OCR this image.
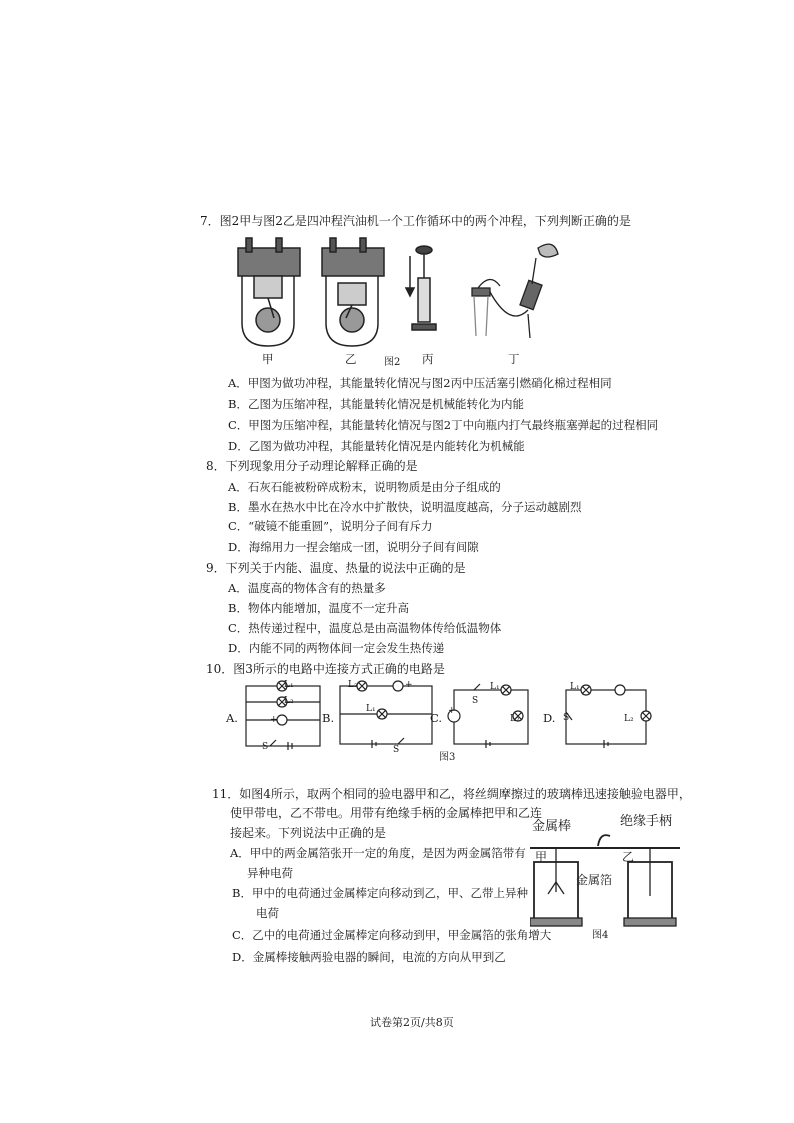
7．图2甲与图2乙是四冲程汽油机一个工作循环中的两个冲程，下列判断正确的是
甲	乙	图2 丙	丁
A．甲图为做功冲程，其能量转化情况与图2丙中压活塞引燃硝化棉过程相同
B．乙图为压缩冲程，其能量转化情况是机械能转化为内能
C．甲图为压缩冲程，其能量转化情况与图2丁中向瓶内打气最终瓶塞弹起的过程相同
D．乙图为做功冲程，其能量转化情况是内能转化为机械能
8．下列现象用分子动理论解释正确的是
A．石灰石能被粉碎成粉末，说明物质是由分子组成的
B．墨水在热水中比在冷水中扩散快，说明温度越高，分子运动越剧烈
C．“破镜不能重圆”，说明分子间有斥力
D．海绵用力一捏会缩成一团，说明分子间有间隙
9．下列关于内能、温度、热量的说法中正确的是
A．温度高的物体含有的热量多
B．物体内能增加，温度不一定升高
C．热传递过程中，温度总是由高温物体传给低温物体
D．内能不同的两物体间一定会发生热传递
10．图3所示的电路中连接方式正确的电路是
A.	B.	C.	D.
L₁
L₂
+
S
L₂
L₁
+
S
L₁
S
L₂
+
L₁
S	L₂
图3
11．如图4所示，取两个相同的验电器甲和乙，将丝绸摩擦过的玻璃棒迅速接触验电器甲，
使甲带电，乙不带电。用带有绝缘手柄的金属棒把甲和乙连
接起来。下列说法中正确的是
A．甲中的两金属箔张开一定的角度，是因为两金属箔带有
异种电荷
B．甲中的电荷通过金属棒定向移动到乙，甲、乙带上异种
电荷
C．乙中的电荷通过金属棒定向移动到甲，甲金属箔的张角增大
D．金属棒接触两验电器的瞬间，电流的方向从甲到乙
金属棒	绝缘手柄
甲	乙
金属箔
图4
试卷第2页/共8页
